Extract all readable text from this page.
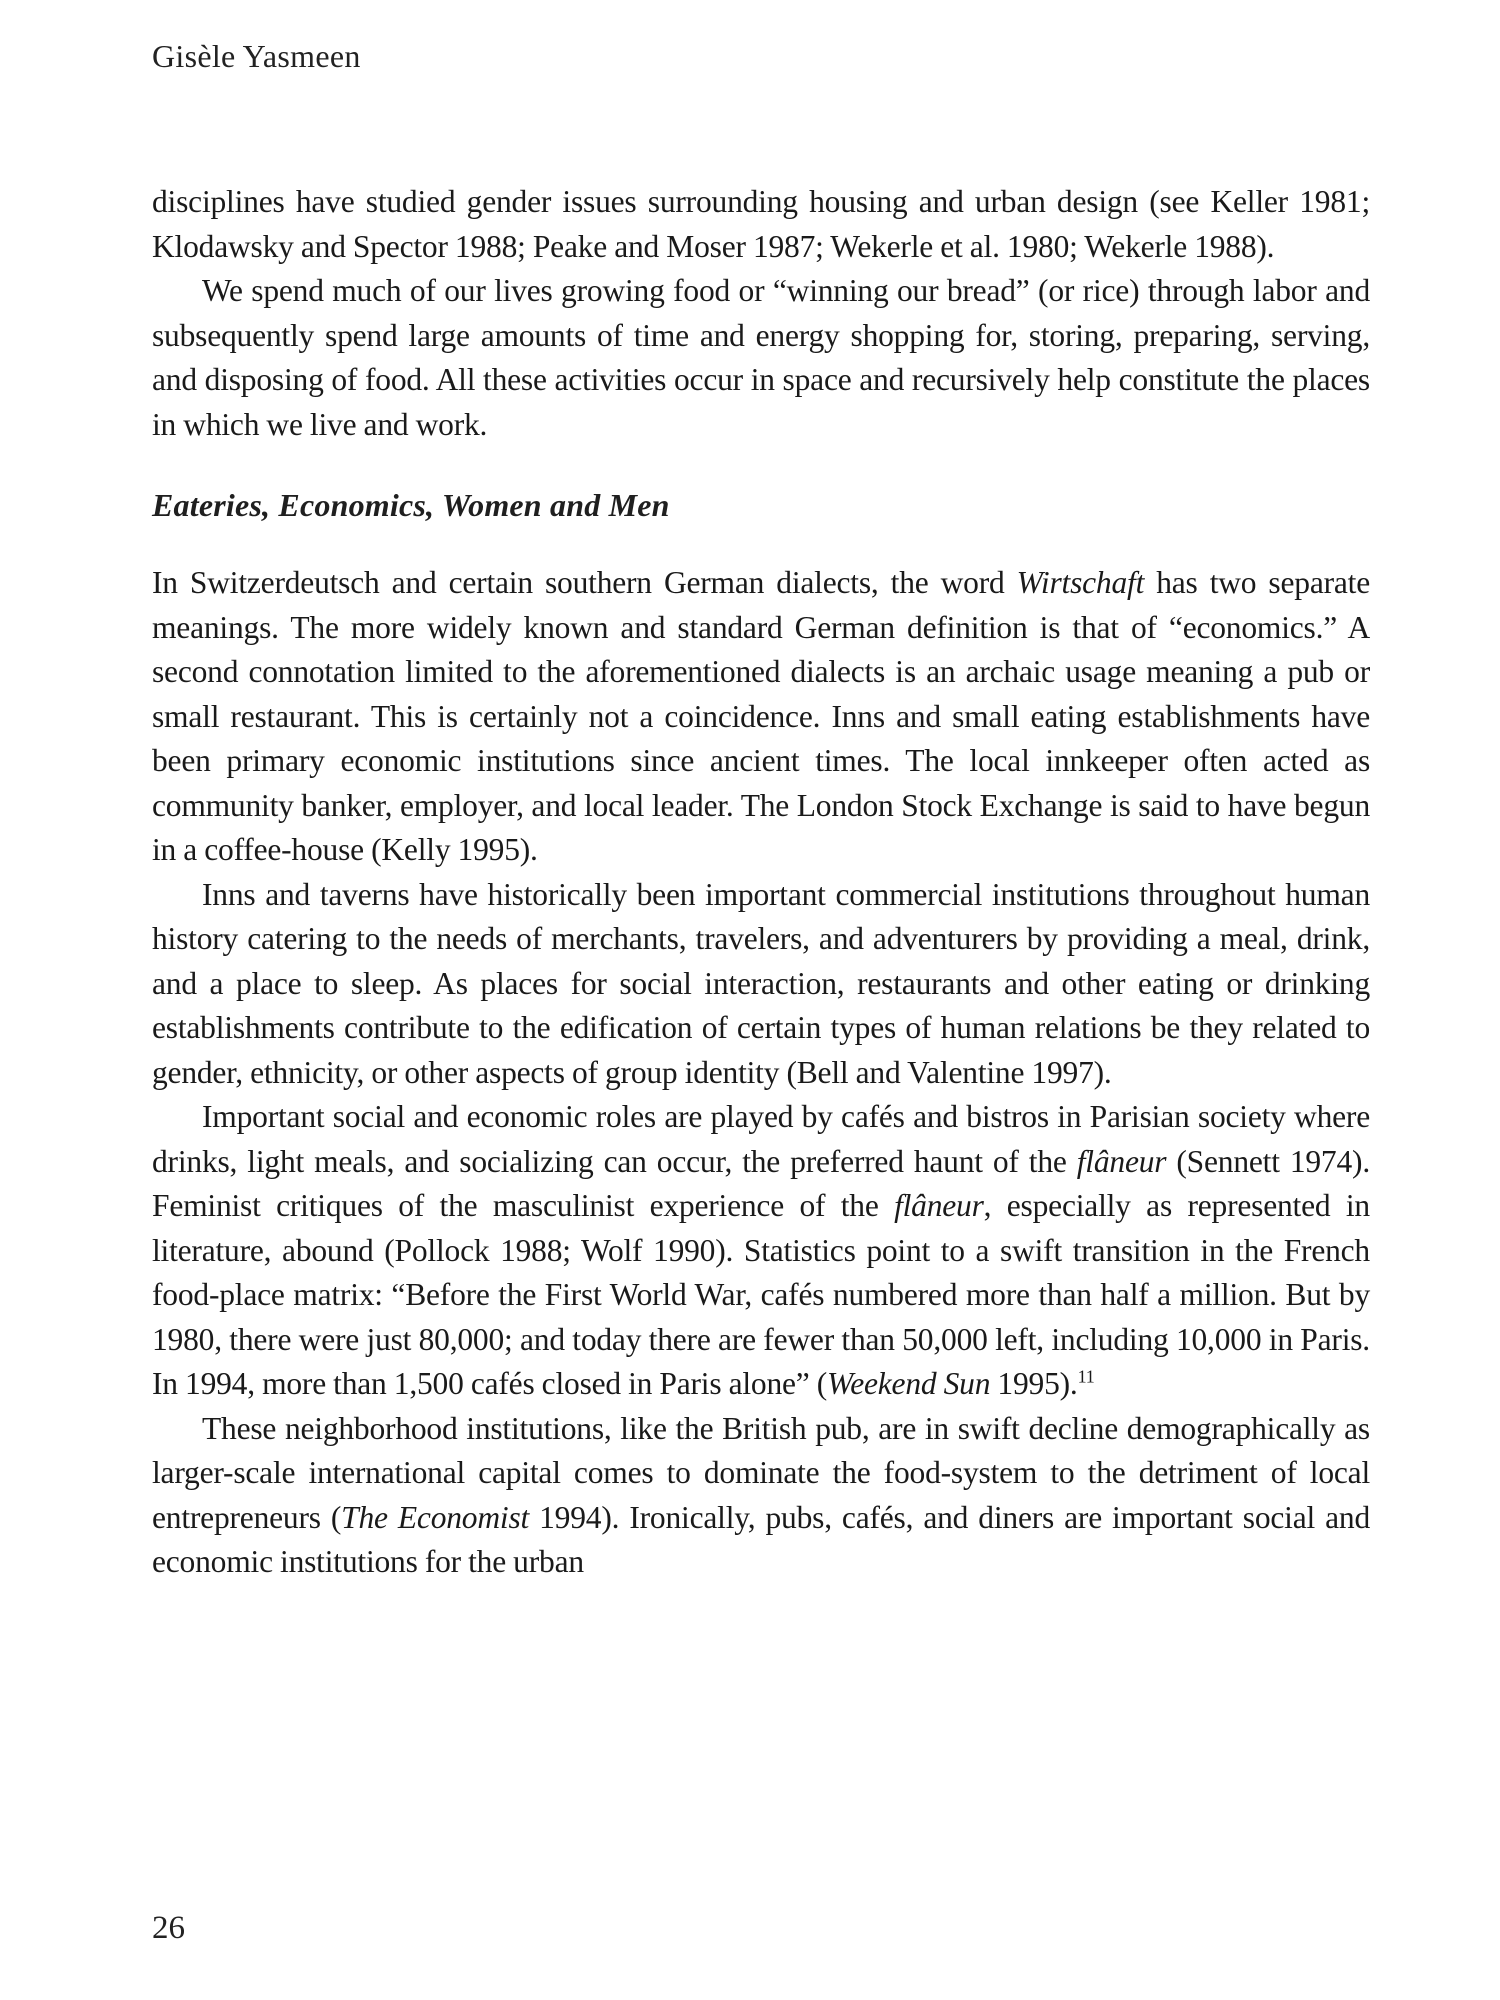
Gisèle Yasmeen

disciplines have studied gender issues surrounding housing and urban design (see Keller 1981; Klodawsky and Spector 1988; Peake and Moser 1987; Wekerle et al. 1980; Wekerle 1988).

We spend much of our lives growing food or “winning our bread” (or rice) through labor and subsequently spend large amounts of time and energy shopping for, storing, preparing, serving, and disposing of food. All these activities occur in space and recursively help constitute the places in which we live and work.

Eateries, Economics, Women and Men

In Switzerdeutsch and certain southern German dialects, the word Wirtschaft has two separate meanings. The more widely known and standard German definition is that of “economics.” A second connotation limited to the aforementioned dialects is an archaic usage meaning a pub or small restaurant. This is certainly not a coincidence. Inns and small eating establishments have been primary economic institutions since ancient times. The local innkeeper often acted as community banker, employer, and local leader. The London Stock Exchange is said to have begun in a coffee-house (Kelly 1995).

Inns and taverns have historically been important commercial institutions throughout human history catering to the needs of merchants, travelers, and adventurers by providing a meal, drink, and a place to sleep. As places for social interaction, restaurants and other eating or drinking establishments contribute to the edification of certain types of human relations be they related to gender, ethnicity, or other aspects of group identity (Bell and Valentine 1997).

Important social and economic roles are played by cafés and bistros in Parisian society where drinks, light meals, and socializing can occur, the preferred haunt of the flâneur (Sennett 1974). Feminist critiques of the masculinist experience of the flâneur, especially as represented in literature, abound (Pollock 1988; Wolf 1990). Statistics point to a swift transition in the French food-place matrix: “Before the First World War, cafés numbered more than half a million. But by 1980, there were just 80,000; and today there are fewer than 50,000 left, including 10,000 in Paris. In 1994, more than 1,500 cafés closed in Paris alone” (Weekend Sun 1995).$^{11}$

These neighborhood institutions, like the British pub, are in swift decline demographically as larger-scale international capital comes to dominate the food-system to the detriment of local entrepreneurs (The Economist 1994). Ironically, pubs, cafés, and diners are important social and economic institutions for the urban

26
